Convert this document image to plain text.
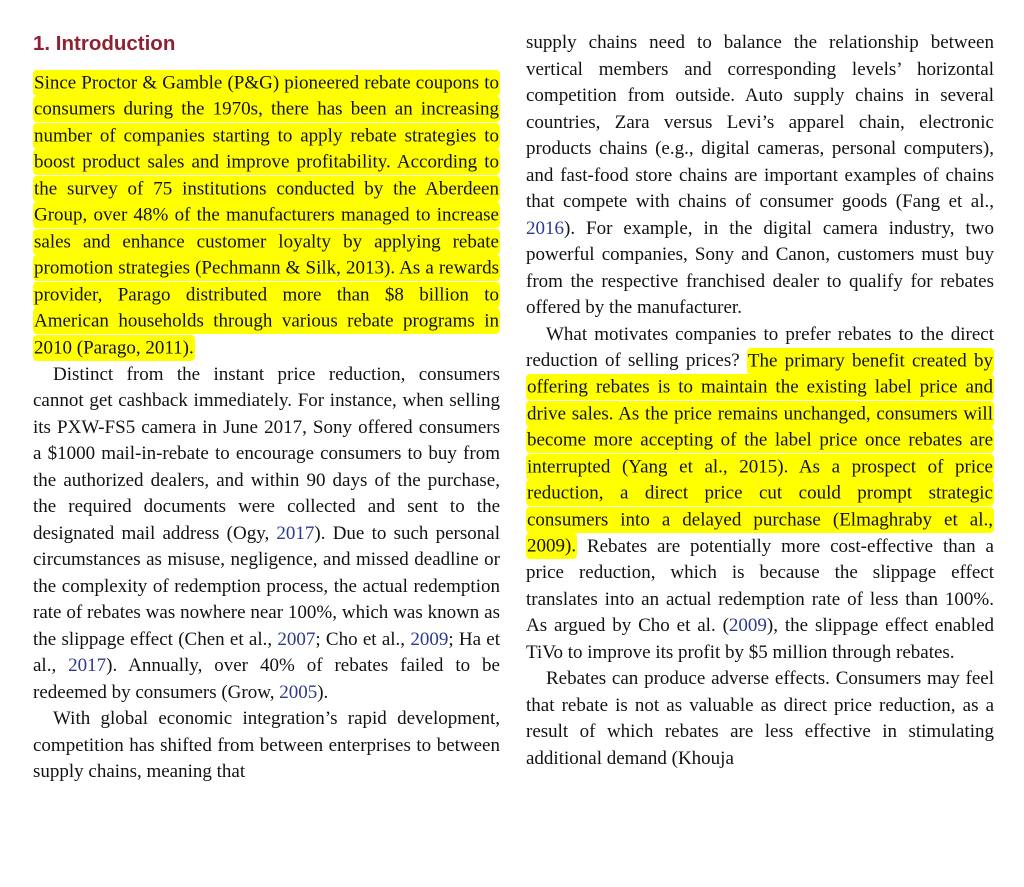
1. Introduction

Since Proctor & Gamble (P&G) pioneered rebate coupons to consumers during the 1970s, there has been an increasing number of companies starting to apply rebate strategies to boost product sales and improve profitability. According to the survey of 75 institutions conducted by the Aberdeen Group, over 48% of the manufacturers managed to increase sales and enhance customer loyalty by applying rebate promotion strategies (Pechmann & Silk, 2013). As a rewards provider, Parago distributed more than $8 billion to American households through various rebate programs in 2010 (Parago, 2011).

Distinct from the instant price reduction, consumers cannot get cashback immediately. For instance, when selling its PXW-FS5 camera in June 2017, Sony offered consumers a $1000 mail-in-rebate to encourage consumers to buy from the authorized dealers, and within 90 days of the purchase, the required documents were collected and sent to the designated mail address (Ogy, 2017). Due to such personal circumstances as misuse, negligence, and missed deadline or the complexity of redemption process, the actual redemption rate of rebates was nowhere near 100%, which was known as the slippage effect (Chen et al., 2007; Cho et al., 2009; Ha et al., 2017). Annually, over 40% of rebates failed to be redeemed by consumers (Grow, 2005).

With global economic integration’s rapid development, competition has shifted from between enterprises to between supply chains, meaning that

supply chains need to balance the relationship between vertical members and corresponding levels’ horizontal competition from outside. Auto supply chains in several countries, Zara versus Levi’s apparel chain, electronic products chains (e.g., digital cameras, personal computers), and fast-food store chains are important examples of chains that compete with chains of consumer goods (Fang et al., 2016). For example, in the digital camera industry, two powerful companies, Sony and Canon, customers must buy from the respective franchised dealer to qualify for rebates offered by the manufacturer.

What motivates companies to prefer rebates to the direct reduction of selling prices? The primary benefit created by offering rebates is to maintain the existing label price and drive sales. As the price remains unchanged, consumers will become more accepting of the label price once rebates are interrupted (Yang et al., 2015). As a prospect of price reduction, a direct price cut could prompt strategic consumers into a delayed purchase (Elmaghraby et al., 2009). Rebates are potentially more cost-effective than a price reduction, which is because the slippage effect translates into an actual redemption rate of less than 100%. As argued by Cho et al. (2009), the slippage effect enabled TiVo to improve its profit by $5 million through rebates.

Rebates can produce adverse effects. Consumers may feel that rebate is not as valuable as direct price reduction, as a result of which rebates are less effective in stimulating additional demand (Khouja
